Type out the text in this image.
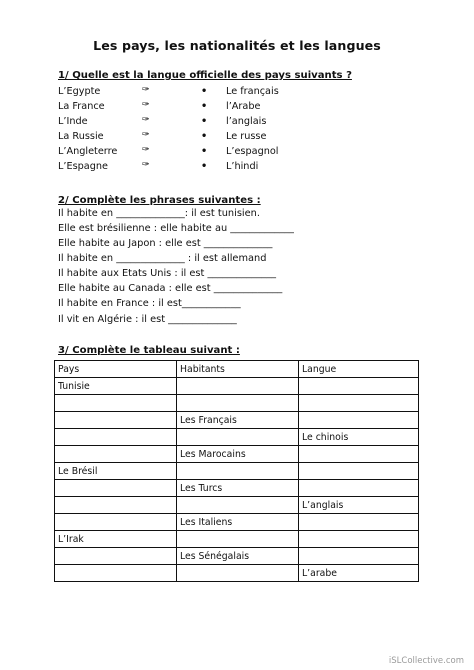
Les pays, les nationalités et les langues
1/ Quelle est la langue officielle des pays suivants ?
L’Egypte	✑	• Le français
La France	✑	• l’Arabe
L’Inde	✑	• l’anglais
La Russie	✑	• Le russe
L’Angleterre	✑	• L’espagnol
L’Espagne	✑	• L’hindi
2/ Complète les phrases suivantes :
Il habite en ______________: il est tunisien.
Elle est brésilienne : elle habite au _____________
Elle habite au Japon : elle est ______________
Il habite en ______________ : il est allemand
Il habite aux Etats Unis : il est ______________
Elle habite au Canada : elle est ______________
Il habite en France : il est____________
Il vit en Algérie : il est ______________
3/ Complète le tableau suivant :
Pays	Habitants	Langue
Tunisie		

	Les Français	
		Le chinois
	Les Marocains	
Le Brésil		
	Les Turcs	
		L’anglais
	Les Italiens	
L’Irak		
	Les Sénégalais	
		L’arabe
iSLCollective.com
